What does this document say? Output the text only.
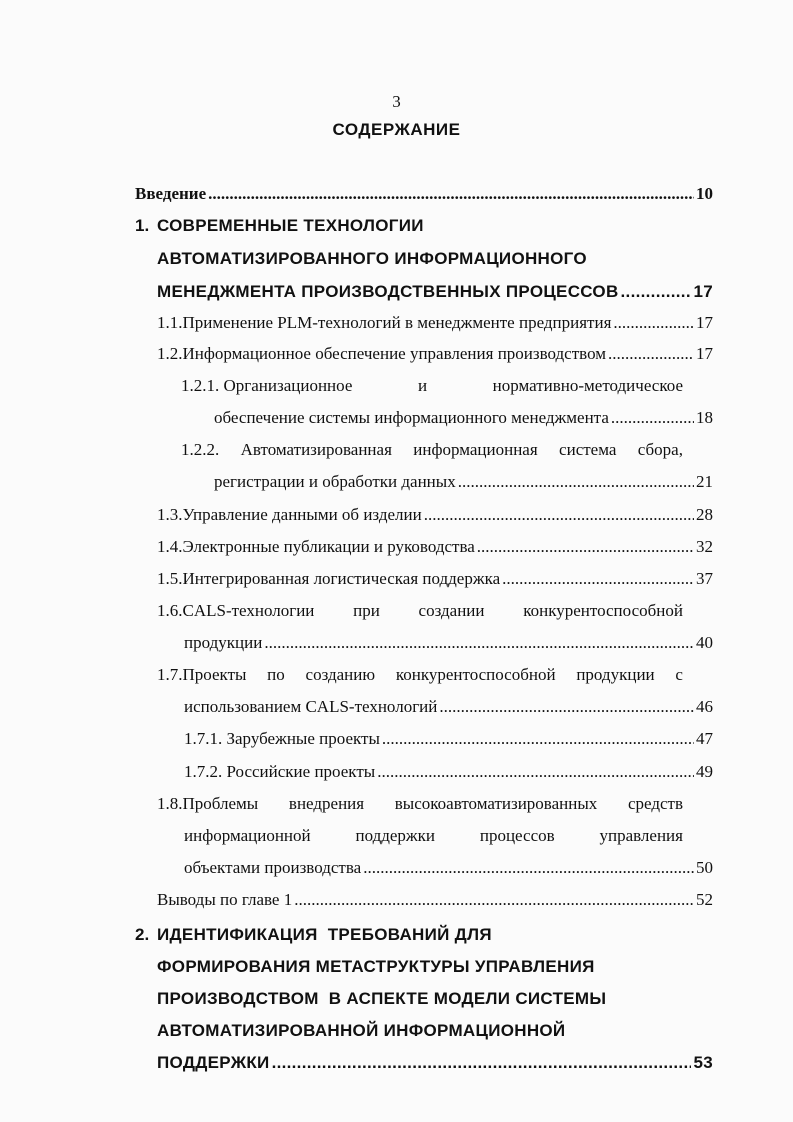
3
СОДЕРЖАНИЕ
Введение .....	10
1. СОВРЕМЕННЫЕ ТЕХНОЛОГИИ
АВТОМАТИЗИРОВАННОГО ИНФОРМАЦИОННОГО
МЕНЕДЖМЕНТА ПРОИЗВОДСТВЕННЫХ ПРОЦЕССОВ .....	17
1.1.Применение PLM-технологий в менеджменте предприятия .....	17
1.2.Информационное обеспечение управления производством .....	17
1.2.1. Организационное	и	нормативно-методическое
обеспечение системы информационного менеджмента .....	18
1.2.2. Автоматизированная информационная система сбора,
регистрации и обработки данных .....	21
1.3.Управление данными об изделии .....	28
1.4.Электронные публикации и руководства .....	32
1.5.Интегрированная логистическая поддержка .....	37
1.6.CALS-технологии при создании конкурентоспособной
продукции .....	40
1.7.Проекты по созданию конкурентоспособной продукции с
использованием CALS-технологий .....	46
1.7.1. Зарубежные проекты .....	47
1.7.2. Российские проекты .....	49
1.8.Проблемы внедрения высокоавтоматизированных средств
информационной	поддержки	процессов	управления
объектами производства .....	50
Выводы по главе 1 .....	52
2. ИДЕНТИФИКАЦИЯ  ТРЕБОВАНИЙ ДЛЯ
ФОРМИРОВАНИЯ МЕТАСТРУКТУРЫ УПРАВЛЕНИЯ
ПРОИЗВОДСТВОМ  В АСПЕКТЕ МОДЕЛИ СИСТЕМЫ
АВТОМАТИЗИРОВАННОЙ ИНФОРМАЦИОННОЙ
ПОДДЕРЖКИ .....	53
